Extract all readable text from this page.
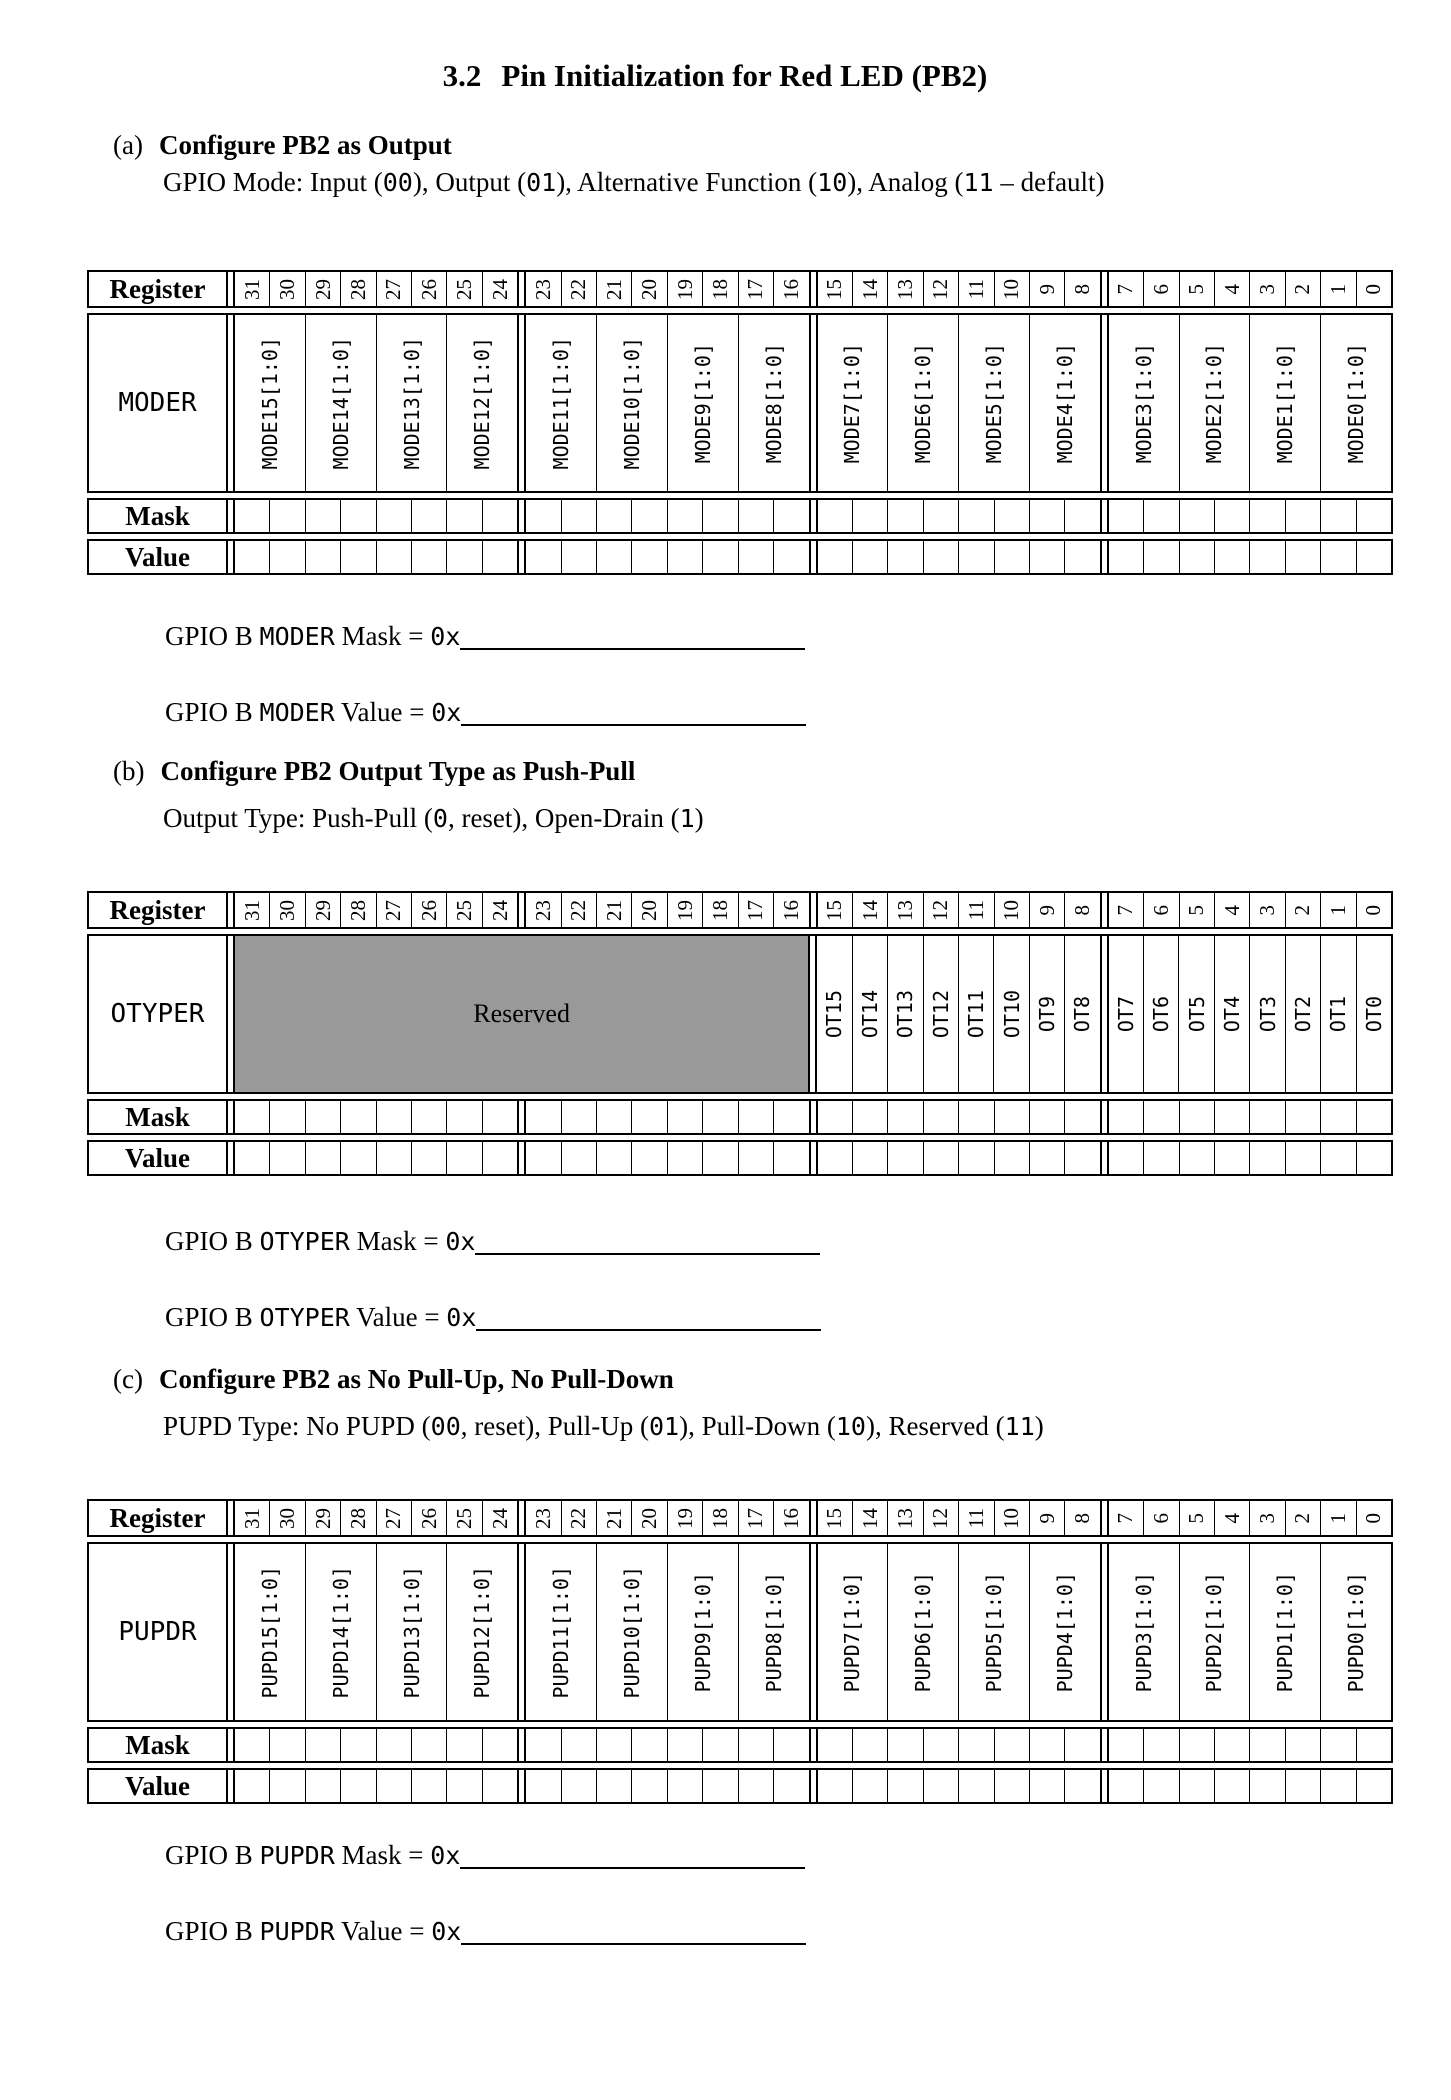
3.2 Pin Initialization for Red LED (PB2)
(a) Configure PB2 as Output
GPIO Mode: Input (00), Output (01), Alternative Function (10), Analog (11 – default)
Register 31 30 29 28 27 26 25 24 23 22 21 20 19 18 17 16 15 14 13 12 11 10 9 8 7 6 5 4 3 2 1 0
MODER	MODE15[1:0] MODE14[1:0] MODE13[1:0] MODE12[1:0]	MODE11[1:0] MODE10[1:0] MODE9[1:0] MODE8[1:0]	MODE7[1:0] MODE6[1:0] MODE5[1:0] MODE4[1:0]	MODE3[1:0] MODE2[1:0] MODE1[1:0] MODE0[1:0]
Mask
Value
GPIO B MODER Mask = 0x
GPIO B MODER Value = 0x
(b) Configure PB2 Output Type as Push-Pull
Output Type: Push-Pull (0, reset), Open-Drain (1)
Register 31 30 29 28 27 26 25 24 23 22 21 20 19 18 17 16 15 14 13 12 11 10 9 8 7 6 5 4 3 2 1 0
OTYPER	Reserved	OT15 OT14 OT13 OT12 OT11 OT10 OT9 OT8 OT7 OT6 OT5 OT4 OT3 OT2 OT1 OT0
Mask
Value
GPIO B OTYPER Mask = 0x
GPIO B OTYPER Value = 0x
(c) Configure PB2 as No Pull-Up, No Pull-Down
PUPD Type: No PUPD (00, reset), Pull-Up (01), Pull-Down (10), Reserved (11)
Register 31 30 29 28 27 26 25 24 23 22 21 20 19 18 17 16 15 14 13 12 11 10 9 8 7 6 5 4 3 2 1 0
PUPDR	PUPD15[1:0] PUPD14[1:0] PUPD13[1:0] PUPD12[1:0]	PUPD11[1:0] PUPD10[1:0] PUPD9[1:0] PUPD8[1:0]	PUPD7[1:0] PUPD6[1:0] PUPD5[1:0] PUPD4[1:0]	PUPD3[1:0] PUPD2[1:0] PUPD1[1:0] PUPD0[1:0]
Mask
Value
GPIO B PUPDR Mask = 0x
GPIO B PUPDR Value = 0x
